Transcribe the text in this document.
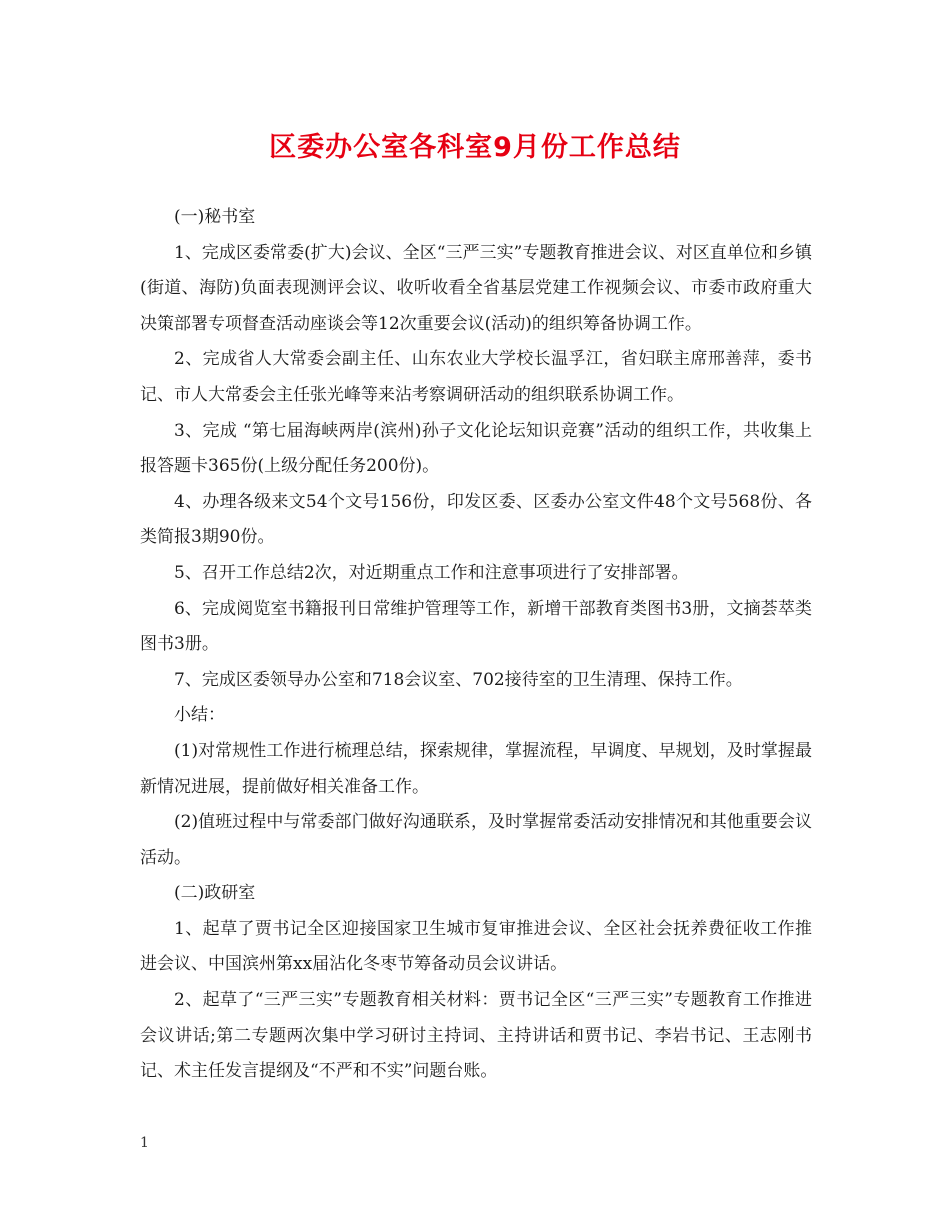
区委办公室各科室9月份工作总结

(一)秘书室

1、完成区委常委(扩大)会议、全区“三严三实”专题教育推进会议、对区直单位和乡镇(街道、海防)负面表现测评会议、收听收看全省基层党建工作视频会议、市委市政府重大决策部署专项督查活动座谈会等12次重要会议(活动)的组织筹备协调工作。

2、完成省人大常委会副主任、山东农业大学校长温孚江，省妇联主席邢善萍，委书记、市人大常委会主任张光峰等来沾考察调研活动的组织联系协调工作。

3、完成 “第七届海峡两岸(滨州)孙子文化论坛知识竞赛”活动的组织工作，共收集上报答题卡365份(上级分配任务200份)。

4、办理各级来文54个文号156份，印发区委、区委办公室文件48个文号568份、各类简报3期90份。

5、召开工作总结2次，对近期重点工作和注意事项进行了安排部署。

6、完成阅览室书籍报刊日常维护管理等工作，新增干部教育类图书3册，文摘荟萃类图书3册。

7、完成区委领导办公室和718会议室、702接待室的卫生清理、保持工作。

小结：

(1)对常规性工作进行梳理总结，探索规律，掌握流程，早调度、早规划，及时掌握最新情况进展，提前做好相关准备工作。

(2)值班过程中与常委部门做好沟通联系，及时掌握常委活动安排情况和其他重要会议活动。

(二)政研室

1、起草了贾书记全区迎接国家卫生城市复审推进会议、全区社会抚养费征收工作推进会议、中国滨州第xx届沾化冬枣节筹备动员会议讲话。

2、起草了“三严三实”专题教育相关材料：贾书记全区“三严三实”专题教育工作推进会议讲话;第二专题两次集中学习研讨主持词、主持讲话和贾书记、李岩书记、王志刚书记、术主任发言提纲及“不严和不实”问题台账。

1
